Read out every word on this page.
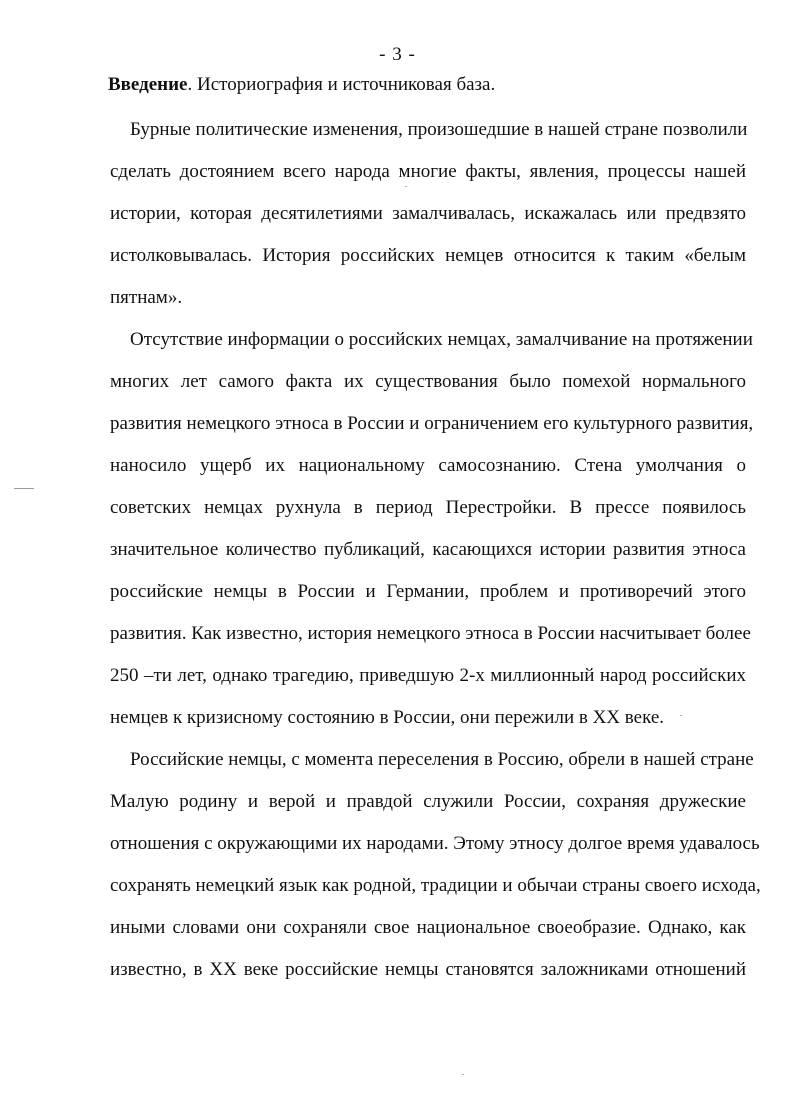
- 3 -
Введение. Историография и источниковая база.
Бурные политические изменения, произошедшие в нашей стране позволили
сделать достоянием всего народа многие факты, явления, процессы нашей
истории, которая десятилетиями замалчивалась, искажалась или предвзято
истолковывалась. История российских немцев относится к таким «белым
пятнам».
Отсутствие информации о российских немцах, замалчивание на протяжении
многих лет самого факта их существования было помехой нормального
развития немецкого этноса в России и ограничением его культурного развития,
наносило ущерб их национальному самосознанию. Стена умолчания о
советских немцах рухнула в период Перестройки. В прессе появилось
значительное количество публикаций, касающихся истории развития этноса
российские немцы в России и Германии, проблем и противоречий этого
развития. Как известно, история немецкого этноса в России насчитывает более
250 –ти лет, однако трагедию, приведшую 2-х миллионный народ российских
немцев к кризисному состоянию в России, они пережили в XX веке.
Российские немцы, с момента переселения в Россию, обрели в нашей стране
Малую родину и верой и правдой служили России, сохраняя дружеские
отношения с окружающими их народами. Этому этносу долгое время удавалось
сохранять немецкий язык как родной, традиции и обычаи страны своего исхода,
иными словами они сохраняли свое национальное своеобразие. Однако, как
известно, в XX веке российские немцы становятся заложниками отношений
